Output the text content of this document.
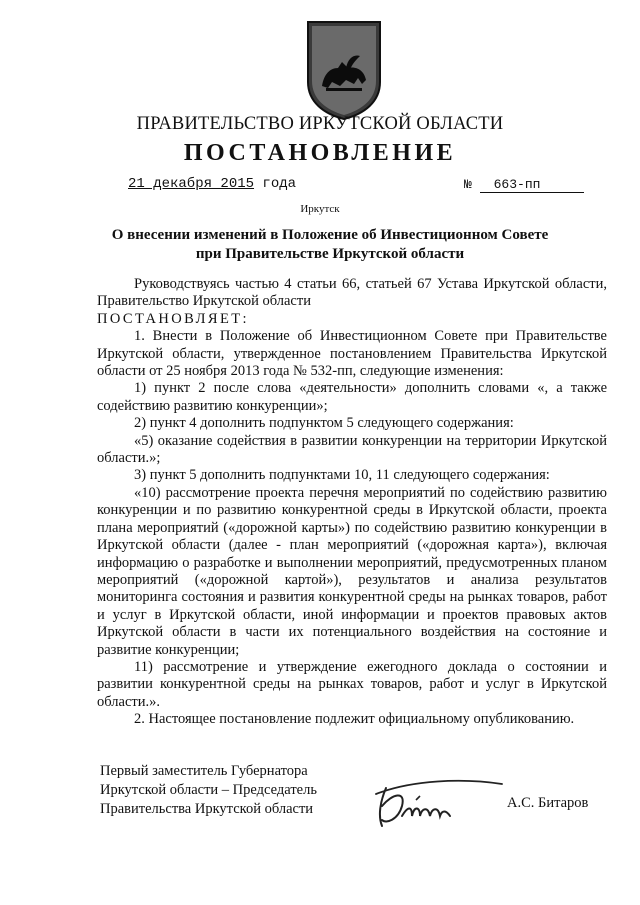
ПРАВИТЕЛЬСТВО ИРКУТСКОЙ ОБЛАСТИ
ПОСТАНОВЛЕНИЕ
21 декабря 2015 года	№ 663-пп
Иркутск
О внесении изменений в Положение об Инвестиционном Совете при Правительстве Иркутской области

Руководствуясь частью 4 статьи 66, статьей 67 Устава Иркутской области, Правительство Иркутской области

ПОСТАНОВЛЯЕТ:

1. Внести в Положение об Инвестиционном Совете при Правительстве Иркутской области, утвержденное постановлением Правительства Иркутской области от 25 ноября 2013 года № 532-пп, следующие изменения:

1) пункт 2 после слова «деятельности» дополнить словами «, а также содействию развитию конкуренции»;

2) пункт 4 дополнить подпунктом 5 следующего содержания:

«5) оказание содействия в развитии конкуренции на территории Иркутской области.»;

3) пункт 5 дополнить подпунктами 10, 11 следующего содержания:

«10) рассмотрение проекта перечня мероприятий по содействию развитию конкуренции и по развитию конкурентной среды в Иркутской области, проекта плана мероприятий («дорожной карты») по содействию развитию конкуренции в Иркутской области (далее - план мероприятий («дорожная карта»), включая информацию о разработке и выполнении мероприятий, предусмотренных планом мероприятий («дорожной картой»), результатов и анализа результатов мониторинга состояния и развития конкурентной среды на рынках товаров, работ и услуг в Иркутской области, иной информации и проектов правовых актов Иркутской области в части их потенциального воздействия на состояние и развитие конкуренции;

11) рассмотрение и утверждение ежегодного доклада о состоянии и развитии конкурентной среды на рынках товаров, работ и услуг в Иркутской области.».

2. Настоящее постановление подлежит официальному опубликованию.

Первый заместитель Губернатора
Иркутской области – Председатель
Правительства Иркутской области	А.С. Битаров
